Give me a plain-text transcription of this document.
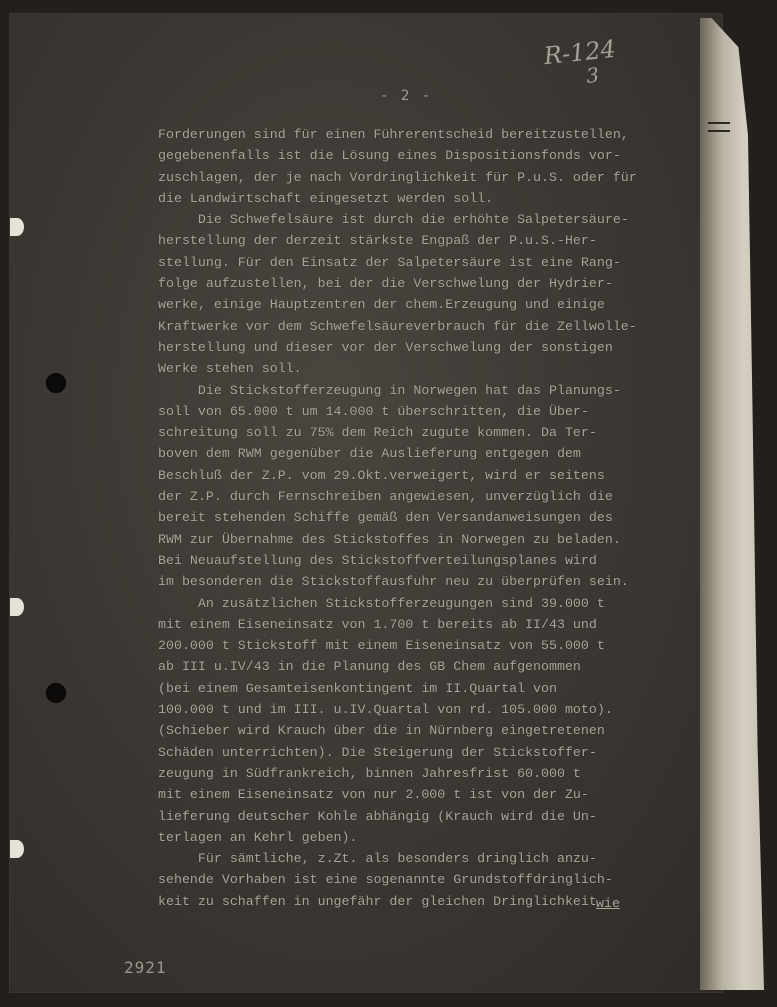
R-124
3
- 2 -
Forderungen sind für einen Führerentscheid bereitzustellen,
gegebenenfalls ist die Lösung eines Dispositionsfonds vor-
zuschlagen, der je nach Vordringlichkeit für P.u.S. oder für
die Landwirtschaft eingesetzt werden soll.
Die Schwefelsäure ist durch die erhöhte Salpetersäure-
herstellung der derzeit stärkste Engpaß der P.u.S.-Her-
stellung. Für den Einsatz der Salpetersäure ist eine Rang-
folge aufzustellen, bei der die Verschwelung der Hydrier-
werke, einige Hauptzentren der chem.Erzeugung und einige
Kraftwerke vor dem Schwefelsäureverbrauch für die Zellwolle-
herstellung und dieser vor der Verschwelung der sonstigen
Werke stehen soll.
Die Stickstofferzeugung in Norwegen hat das Planungs-
soll von 65.000 t um 14.000 t überschritten, die Über-
schreitung soll zu 75% dem Reich zugute kommen. Da Ter-
boven dem RWM gegenüber die Auslieferung entgegen dem
Beschluß der Z.P. vom 29.Okt.verweigert, wird er seitens
der Z.P. durch Fernschreiben angewiesen, unverzüglich die
bereit stehenden Schiffe gemäß den Versandanweisungen des
RWM zur Übernahme des Stickstoffes in Norwegen zu beladen.
Bei Neuaufstellung des Stickstoffverteilungsplanes wird
im besonderen die Stickstoffausfuhr neu zu überprüfen sein.
An zusätzlichen Stickstofferzeugungen sind 39.000 t
mit einem Eiseneinsatz von 1.700 t bereits ab II/43 und
200.000 t Stickstoff mit einem Eiseneinsatz von 55.000 t
ab III u.IV/43 in die Planung des GB Chem aufgenommen
(bei einem Gesamteisenkontingent im II.Quartal von
100.000 t und im III. u.IV.Quartal von rd. 105.000 moto).
(Schieber wird Krauch über die in Nürnberg eingetretenen
Schäden unterrichten). Die Steigerung der Stickstoffer-
zeugung in Südfrankreich, binnen Jahresfrist 60.000 t
mit einem Eiseneinsatz von nur 2.000 t ist von der Zu-
lieferung deutscher Kohle abhängig (Krauch wird die Un-
terlagen an Kehrl geben).
Für sämtliche, z.Zt. als besonders dringlich anzu-
sehende Vorhaben ist eine sogenannte Grundstoffdringlich-
keit zu schaffen in ungefähr der gleichen Dringlichkeit wie
2921
